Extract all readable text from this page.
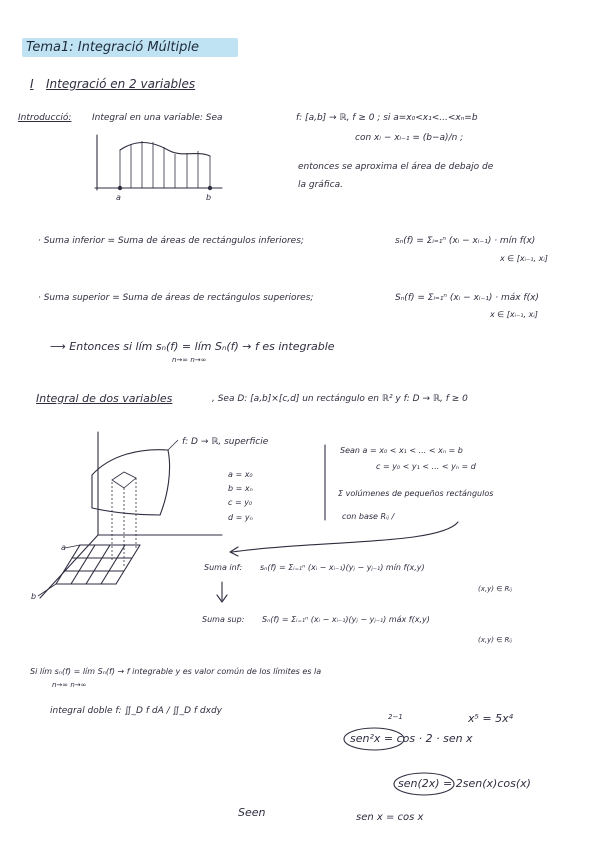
Tema1: Integració Múltiple
I Integració en 2 variables
Introducció: Integral en una variable: Sea	f: [a,b] → ℝ, f ≥ 0 ; si a=x₀<x₁<...<xₙ=b
con xᵢ − xᵢ₋₁ = (b−a)/n ;
entonces se aproxima el área de debajo de
la gráfica.
a	b
· Suma inferior = Suma de áreas de rectángulos inferiores;	sₙ(f) = Σᵢ₌₁ⁿ (xᵢ − xᵢ₋₁) · mín f(x)
x ∈ [xᵢ₋₁, xᵢ]
· Suma superior = Suma de áreas de rectángulos superiores;	Sₙ(f) = Σᵢ₌₁ⁿ (xᵢ − xᵢ₋₁) · máx f(x)
x ∈ [xᵢ₋₁, xᵢ]
⟶ Entonces si lím sₙ(f) = lím Sₙ(f) → f es integrable
n→∞ n→∞
Integral de dos variables	, Sea D: [a,b]×[c,d] un rectángulo en ℝ² y f: D → ℝ, f ≥ 0
f: D → ℝ, superficie
a = x₀
b = xₙ
c = y₀
d = yₙ
a
b
Sean a = x₀ < x₁ < ... < xₙ = b
c = y₀ < y₁ < ... < yₙ = d
Σ volúmenes de pequeños rectángulos
con base Rᵢⱼ /
Suma inf: sₙ(f) = Σᵢ₌₁ⁿ (xᵢ − xᵢ₋₁)(yⱼ − yⱼ₋₁) mín f(x,y)
(x,y) ∈ Rᵢⱼ
Suma sup: Sₙ(f) = Σᵢ₌₁ⁿ (xᵢ − xᵢ₋₁)(yⱼ − yⱼ₋₁) máx f(x,y)
(x,y) ∈ Rᵢⱼ
Si lím sₙ(f) = lím Sₙ(f) → f integrable y es valor común de los límites es la
n→∞ n→∞
integral doble f: ∬_D f dA / ∬_D f dxdy
2−1
sen²x = cos · 2 · sen x
x⁵ = 5x⁴
sen(2x) = 2sen(x)cos(x)
Seen	sen x = cos x
